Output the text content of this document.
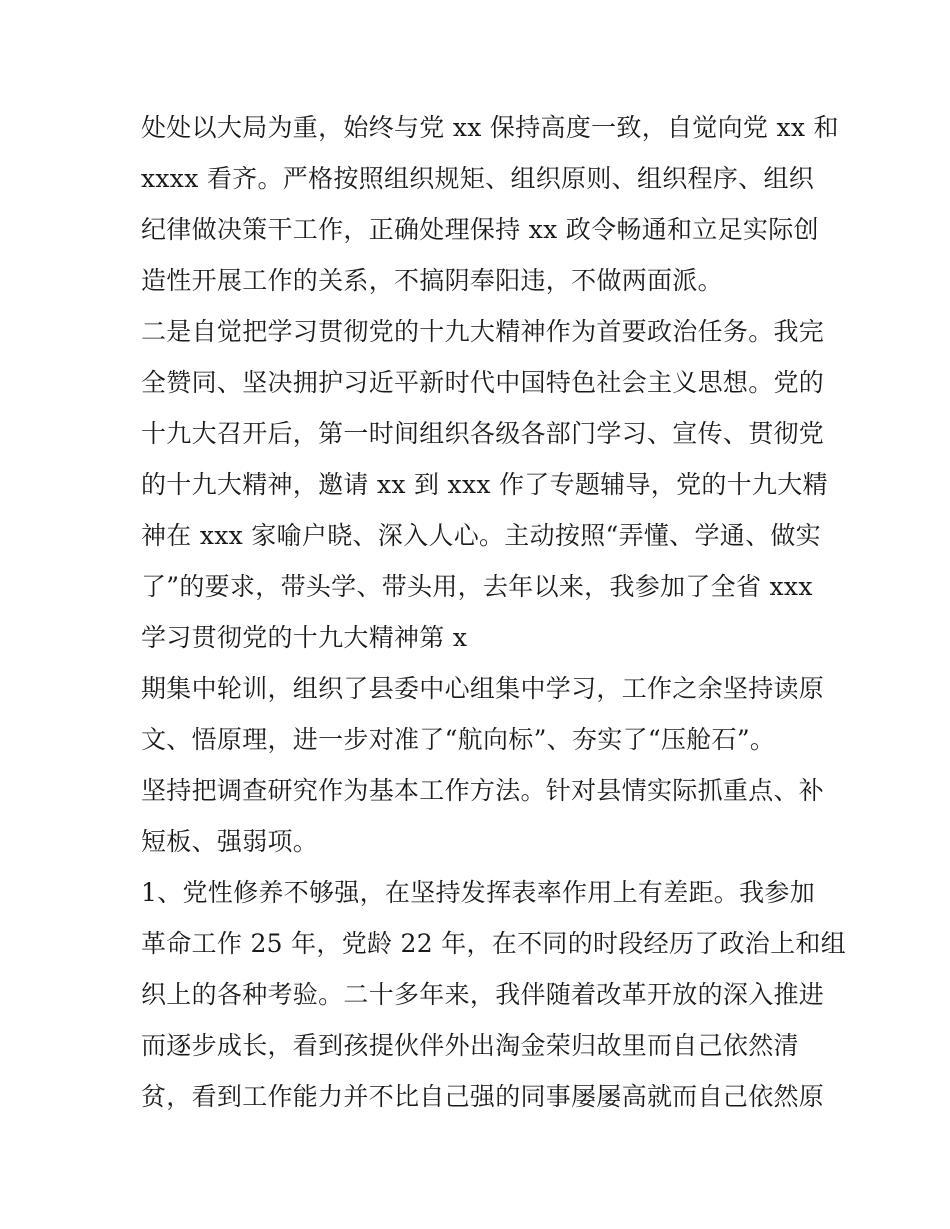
处处以大局为重，始终与党 xx 保持高度一致，自觉向党 xx 和
xxxx 看齐。严格按照组织规矩、组织原则、组织程序、组织
纪律做决策干工作，正确处理保持 xx 政令畅通和立足实际创
造性开展工作的关系，不搞阴奉阳违，不做两面派。
二是自觉把学习贯彻党的十九大精神作为首要政治任务。我完
全赞同、坚决拥护习近平新时代中国特色社会主义思想。党的
十九大召开后，第一时间组织各级各部门学习、宣传、贯彻党
的十九大精神，邀请 xx 到 xxx 作了专题辅导，党的十九大精
神在 xxx 家喻户晓、深入人心。主动按照“弄懂、学通、做实
了”的要求，带头学、带头用，去年以来，我参加了全省 xxx
学习贯彻党的十九大精神第 x
期集中轮训，组织了县委中心组集中学习，工作之余坚持读原
文、悟原理，进一步对准了“航向标”、夯实了“压舱石”。
坚持把调查研究作为基本工作方法。针对县情实际抓重点、补
短板、强弱项。
1、党性修养不够强，在坚持发挥表率作用上有差距。我参加
革命工作 25 年，党龄 22 年，在不同的时段经历了政治上和组
织上的各种考验。二十多年来，我伴随着改革开放的深入推进
而逐步成长，看到孩提伙伴外出淘金荣归故里而自己依然清
贫，看到工作能力并不比自己强的同事屡屡高就而自己依然原
